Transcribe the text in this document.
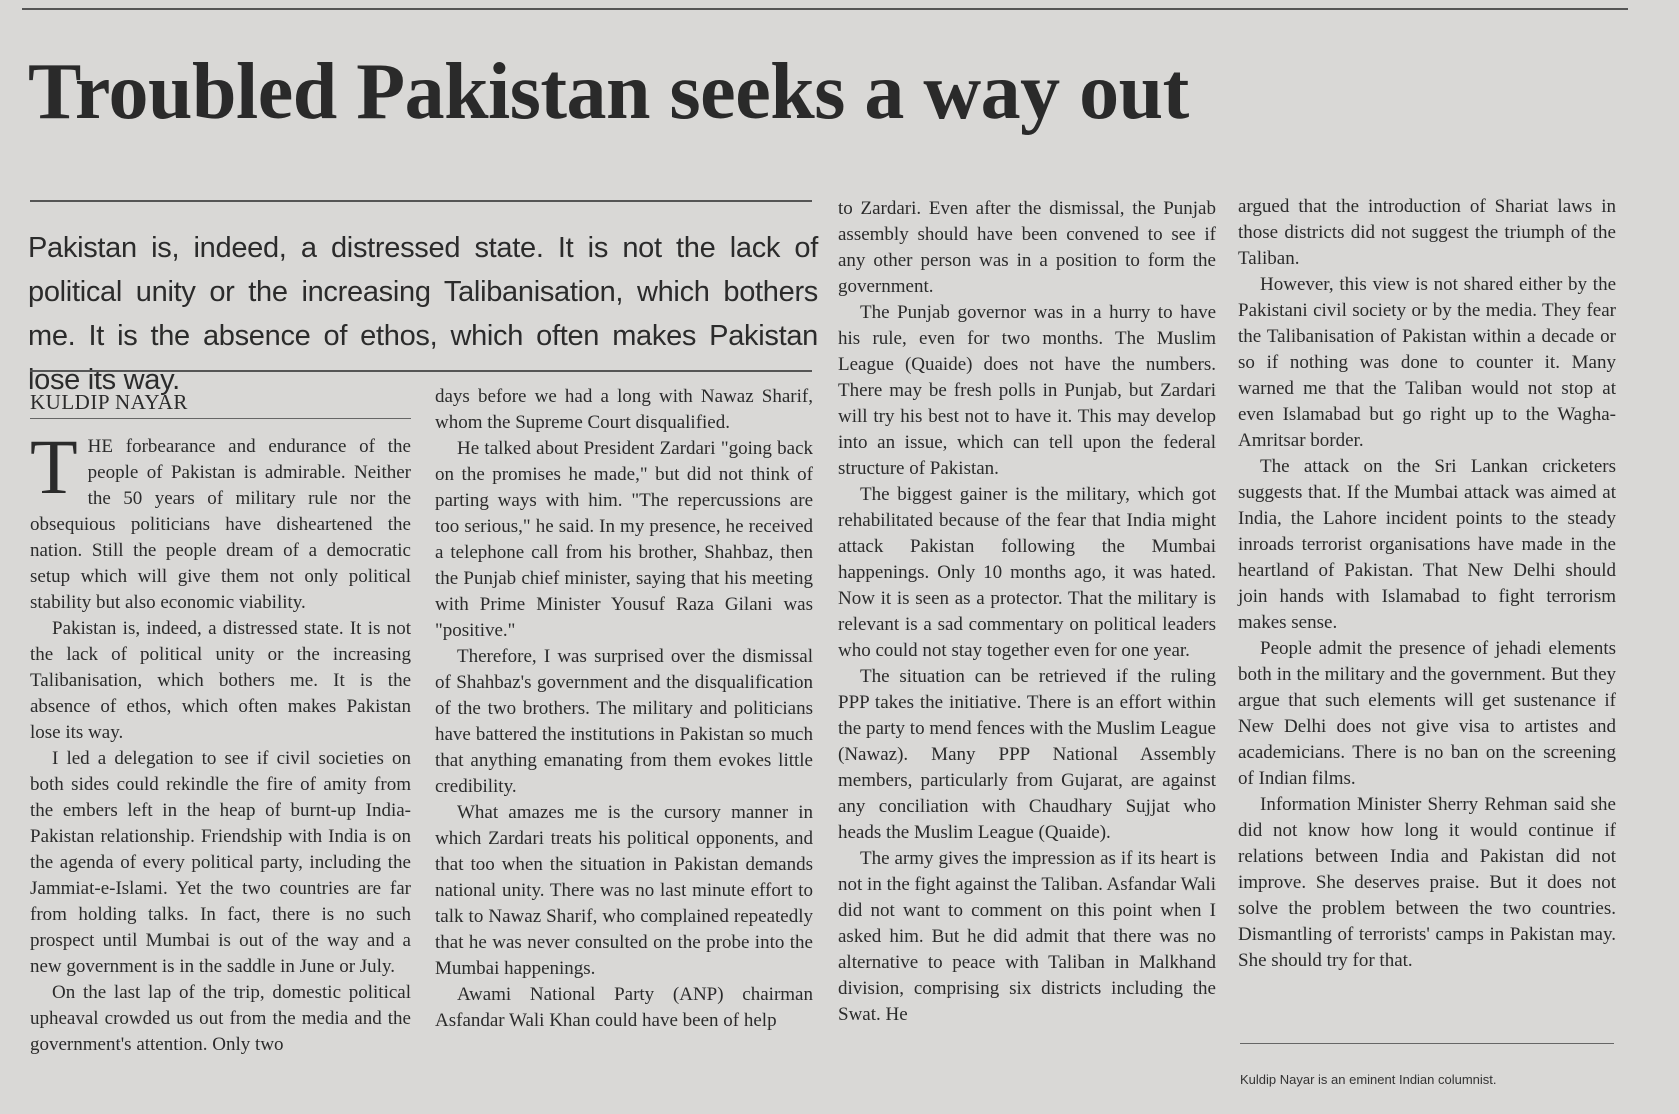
Troubled Pakistan seeks a way out
Pakistan is, indeed, a distressed state. It is not the lack of political unity or the increasing Talibanisation, which bothers me. It is the absence of ethos, which often makes Pakistan lose its way.
KULDIP NAYAR
T HE forbearance and endurance of the people of Pakistan is admirable. Neither the 50 years of military rule nor the obsequious politicians have disheartened the nation. Still the people dream of a democratic setup which will give them not only political stability but also economic viability.

Pakistan is, indeed, a distressed state. It is not the lack of political unity or the increasing Talibanisation, which bothers me. It is the absence of ethos, which often makes Pakistan lose its way.

I led a delegation to see if civil societies on both sides could rekindle the fire of amity from the embers left in the heap of burnt-up India-Pakistan relationship. Friendship with India is on the agenda of every political party, including the Jammiat-e-Islami. Yet the two countries are far from holding talks. In fact, there is no such prospect until Mumbai is out of the way and a new government is in the saddle in June or July.

On the last lap of the trip, domestic political upheaval crowded us out from the media and the government's attention. Only two

days before we had a long with Nawaz Sharif, whom the Supreme Court disqualified.

He talked about President Zardari "going back on the promises he made," but did not think of parting ways with him. "The repercussions are too serious," he said. In my presence, he received a telephone call from his brother, Shahbaz, then the Punjab chief minister, saying that his meeting with Prime Minister Yousuf Raza Gilani was "positive."

Therefore, I was surprised over the dismissal of Shahbaz's government and the disqualification of the two brothers. The military and politicians have battered the institutions in Pakistan so much that anything emanating from them evokes little credibility.

What amazes me is the cursory manner in which Zardari treats his political opponents, and that too when the situation in Pakistan demands national unity. There was no last minute effort to talk to Nawaz Sharif, who complained repeatedly that he was never consulted on the probe into the Mumbai happenings.

Awami National Party (ANP) chairman Asfandar Wali Khan could have been of help

to Zardari. Even after the dismissal, the Punjab assembly should have been convened to see if any other person was in a position to form the government.

The Punjab governor was in a hurry to have his rule, even for two months. The Muslim League (Quaide) does not have the numbers. There may be fresh polls in Punjab, but Zardari will try his best not to have it. This may develop into an issue, which can tell upon the federal structure of Pakistan.

The biggest gainer is the military, which got rehabilitated because of the fear that India might attack Pakistan following the Mumbai happenings. Only 10 months ago, it was hated. Now it is seen as a protector. That the military is relevant is a sad commentary on political leaders who could not stay together even for one year.

The situation can be retrieved if the ruling PPP takes the initiative. There is an effort within the party to mend fences with the Muslim League (Nawaz). Many PPP National Assembly members, particularly from Gujarat, are against any conciliation with Chaudhary Sujjat who heads the Muslim League (Quaide).

The army gives the impression as if its heart is not in the fight against the Taliban. Asfandar Wali did not want to comment on this point when I asked him. But he did admit that there was no alternative to peace with Taliban in Malkhand division, comprising six districts including the Swat. He

argued that the introduction of Shariat laws in those districts did not suggest the triumph of the Taliban.

However, this view is not shared either by the Pakistani civil society or by the media. They fear the Talibanisation of Pakistan within a decade or so if nothing was done to counter it. Many warned me that the Taliban would not stop at even Islamabad but go right up to the Wagha-Amritsar border.

The attack on the Sri Lankan cricketers suggests that. If the Mumbai attack was aimed at India, the Lahore incident points to the steady inroads terrorist organisations have made in the heartland of Pakistan. That New Delhi should join hands with Islamabad to fight terrorism makes sense.

People admit the presence of jehadi elements both in the military and the government. But they argue that such elements will get sustenance if New Delhi does not give visa to artistes and academicians. There is no ban on the screening of Indian films.

Information Minister Sherry Rehman said she did not know how long it would continue if relations between India and Pakistan did not improve. She deserves praise. But it does not solve the problem between the two countries. Dismantling of terrorists' camps in Pakistan may. She should try for that.

Kuldip Nayar is an eminent Indian columnist.
